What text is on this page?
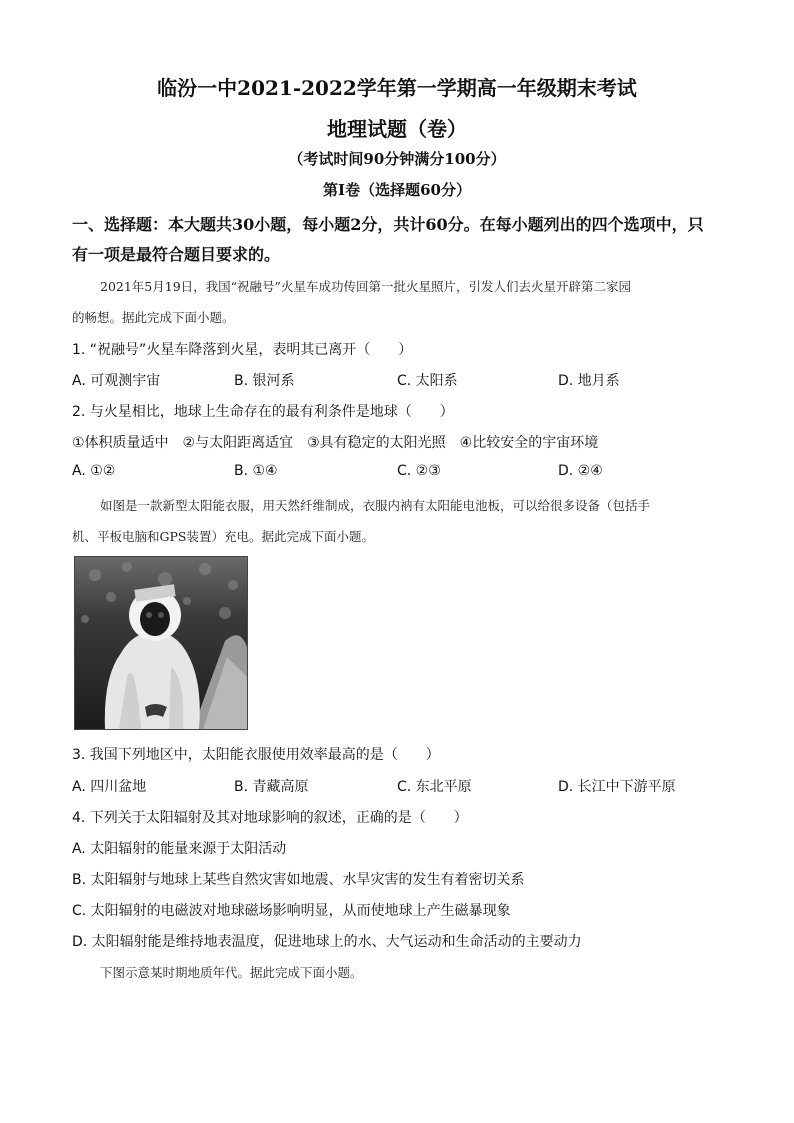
临汾一中2021-2022学年第一学期高一年级期末考试
地理试题（卷）
（考试时间90分钟满分100分）
第I卷（选择题60分）
一、选择题：本大题共30小题，每小题2分，共计60分。在每小题列出的四个选项中，只
有一项是最符合题目要求的。
2021年5月19日，我国“祝融号”火星车成功传回第一批火星照片，引发人们去火星开辟第二家园
的畅想。据此完成下面小题。
1. “祝融号”火星车降落到火星，表明其已离开（　　）
A. 可观测宇宙	B. 银河系	C. 太阳系	D. 地月系
2. 与火星相比，地球上生命存在的最有利条件是地球（　　）
①体积质量适中　②与太阳距离适宜　③具有稳定的太阳光照　④比较安全的宇宙环境
A. ①②	B. ①④	C. ②③	D. ②④
如图是一款新型太阳能衣服，用天然纤维制成，衣服内衲有太阳能电池板，可以给很多设备（包括手
机、平板电脑和GPS装置）充电。据此完成下面小题。
3. 我国下列地区中，太阳能衣服使用效率最高的是（　　）
A. 四川盆地	B. 青藏高原	C. 东北平原	D. 长江中下游平原
4. 下列关于太阳辐射及其对地球影响的叙述，正确的是（　　）
A. 太阳辐射的能量来源于太阳活动
B. 太阳辐射与地球上某些自然灾害如地震、水旱灾害的发生有着密切关系
C. 太阳辐射的电磁波对地球磁场影响明显，从而使地球上产生磁暴现象
D. 太阳辐射能是维持地表温度，促进地球上的水、大气运动和生命活动的主要动力
下图示意某时期地质年代。据此完成下面小题。
